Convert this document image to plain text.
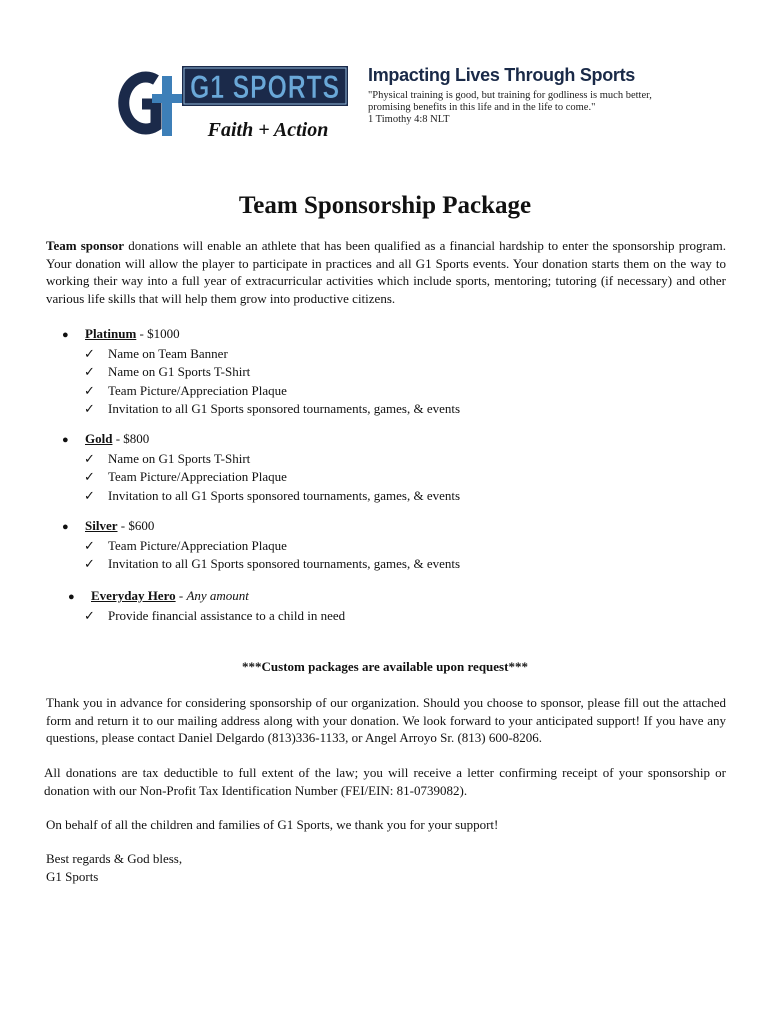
G1 SPORTS
Faith + Action
Impacting Lives Through Sports
"Physical training is good, but training for godliness is much better, promising benefits in this life and in the life to come."
1 Timothy 4:8 NLT
Team Sponsorship Package

Team sponsor donations will enable an athlete that has been qualified as a financial hardship to enter the sponsorship program. Your donation will allow the player to participate in practices and all G1 Sports events. Your donation starts them on the way to working their way into a full year of extracurricular activities which include sports, mentoring; tutoring (if necessary) and other various life skills that will help them grow into productive citizens.

●	Platinum - $1000
✓	Name on Team Banner
✓	Name on G1 Sports T-Shirt
✓	Team Picture/Appreciation Plaque
✓	Invitation to all G1 Sports sponsored tournaments, games, & events
●	Gold - $800
✓	Name on G1 Sports T-Shirt
✓	Team Picture/Appreciation Plaque
✓	Invitation to all G1 Sports sponsored tournaments, games, & events
●	Silver - $600
✓	Team Picture/Appreciation Plaque
✓	Invitation to all G1 Sports sponsored tournaments, games, & events
●	Everyday Hero - Any amount
✓	Provide financial assistance to a child in need
***Custom packages are available upon request***

Thank you in advance for considering sponsorship of our organization. Should you choose to sponsor, please fill out the attached form and return it to our mailing address along with your donation. We look forward to your anticipated support! If you have any questions, please contact Daniel Delgardo (813)336-1133, or Angel Arroyo Sr. (813) 600-8206.

All donations are tax deductible to full extent of the law; you will receive a letter confirming receipt of your sponsorship or donation with our Non-Profit Tax Identification Number (FEI/EIN: 81-0739082).

On behalf of all the children and families of G1 Sports, we thank you for your support!

Best regards & God bless,
G1 Sports
